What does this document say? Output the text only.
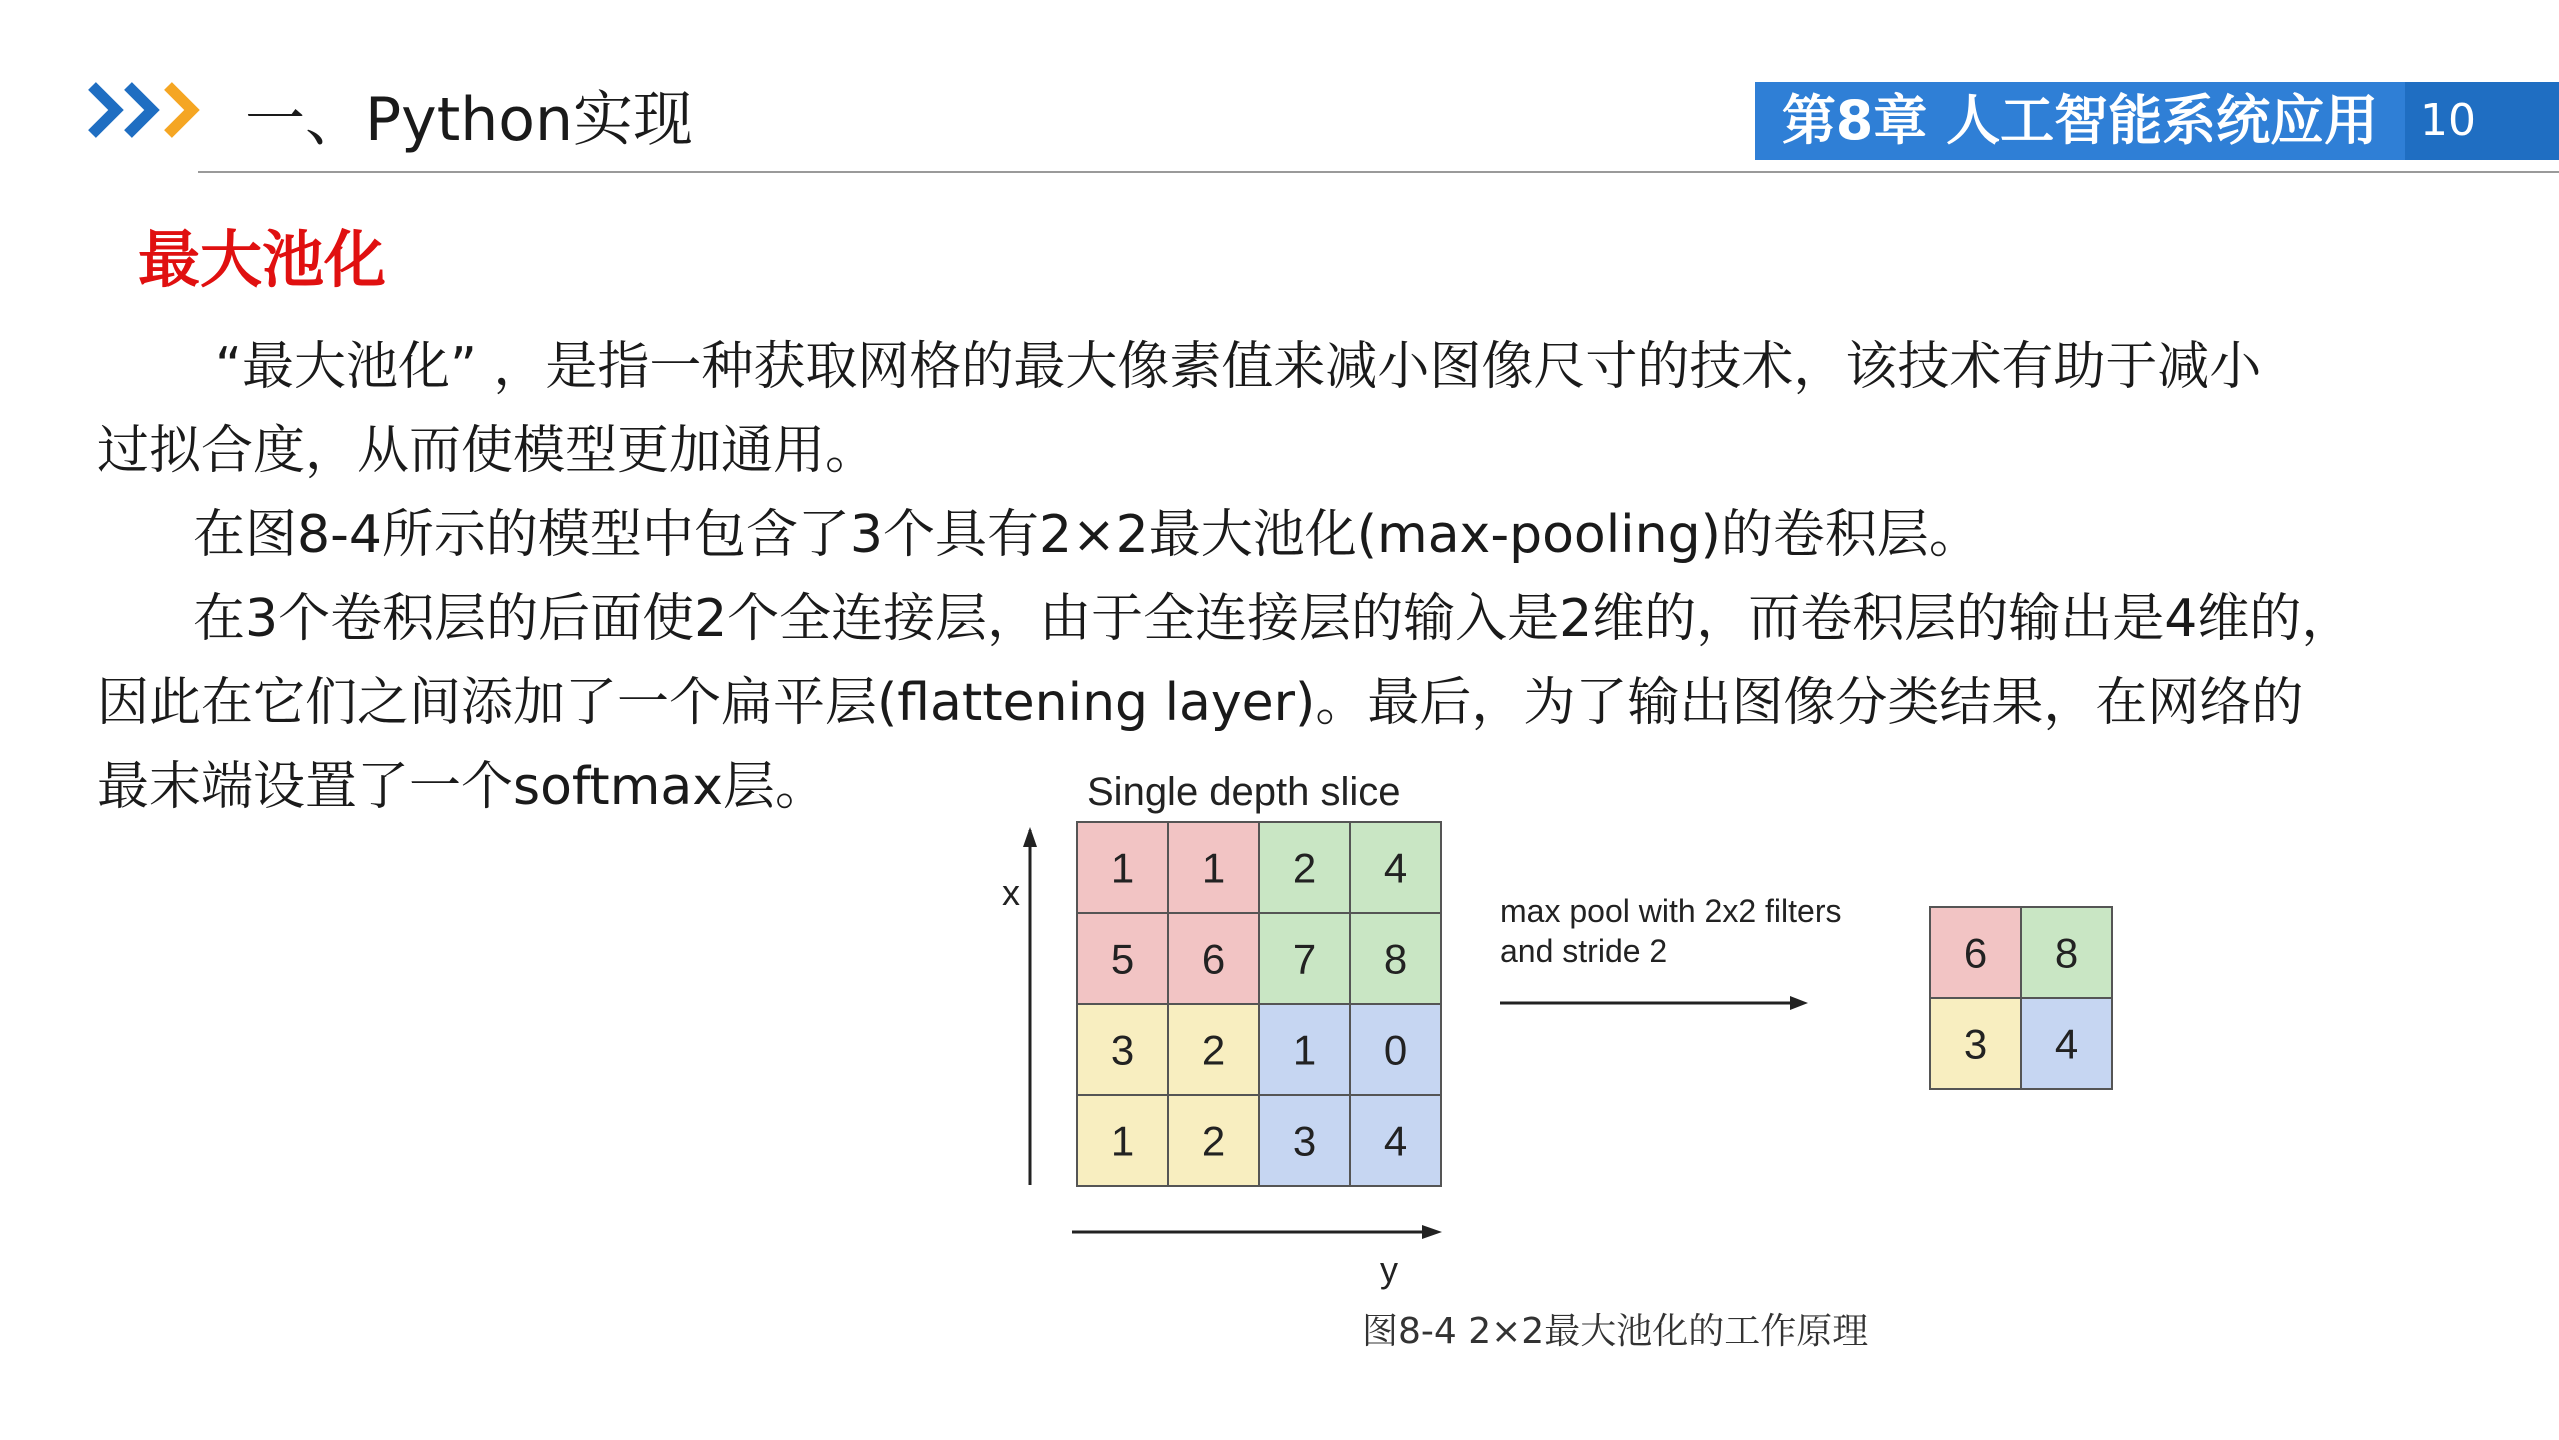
一、Python实现	第8章 人工智能系统应用 10
最大池化
“最大池化” ，是指一种获取网格的最大像素值来减小图像尺寸的技术，该技术有助于减小
过拟合度，从而使模型更加通用。
在图8-4所示的模型中包含了3个具有2×2最大池化(max-pooling)的卷积层。
在3个卷积层的后面使2个全连接层，由于全连接层的输入是2维的，而卷积层的输出是4维的，
因此在它们之间添加了一个扁平层(flattening layer)。最后，为了输出图像分类结果，在网络的
最末端设置了一个softmax层。	Single depth slice
x
y
1 1 2 4
5 6 7 8
3 2 1 0
1 2 3 4
max pool with 2x2 filters
and stride 2	6 8
3 4
图8-4 2×2最大池化的工作原理
